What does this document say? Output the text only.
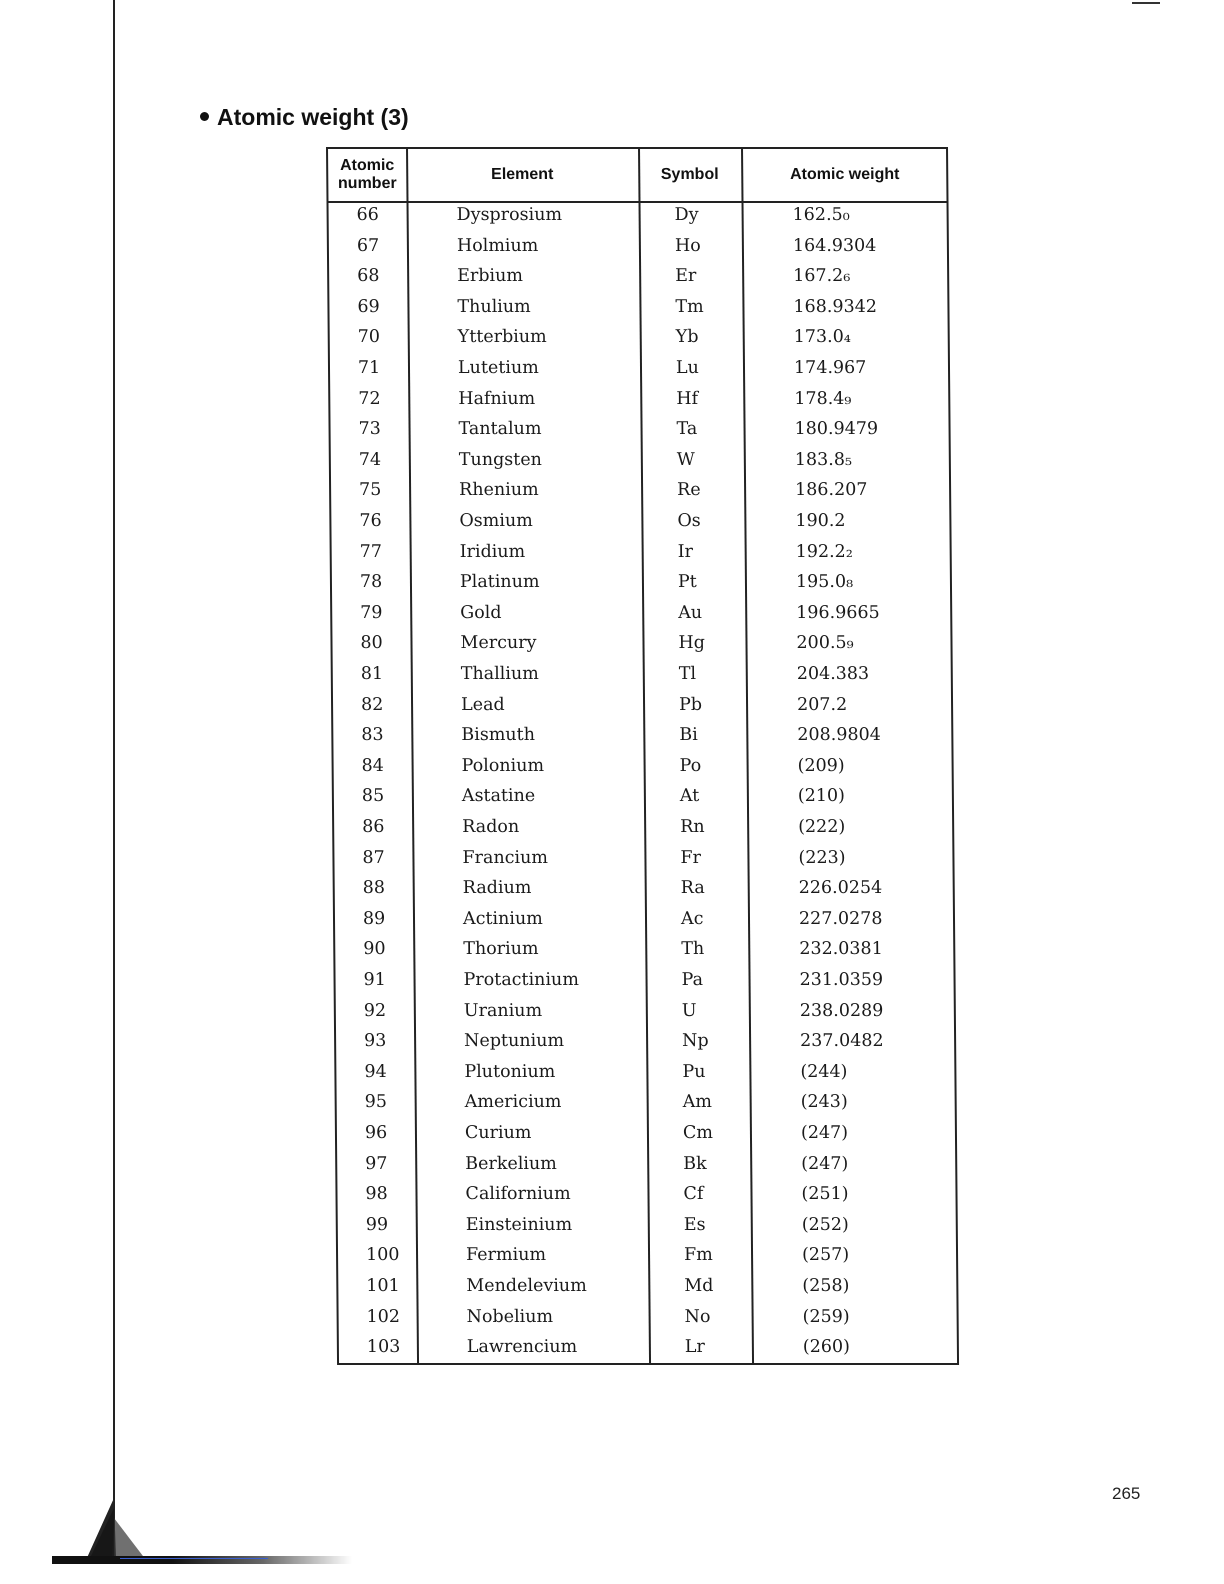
Atomic weight (3)
Atomic
number
Element	Symbol	Atomic weight
66	Dysprosium	Dy	162.5₀
67	Holmium	Ho	164.9304
68	Erbium	Er	167.2₆
69	Thulium	Tm	168.9342
70	Ytterbium	Yb	173.0₄
71	Lutetium	Lu	174.967
72	Hafnium	Hf	178.4₉
73	Tantalum	Ta	180.9479
74	Tungsten	W	183.8₅
75	Rhenium	Re	186.207
76	Osmium	Os	190.2
77	Iridium	Ir	192.2₂
78	Platinum	Pt	195.0₈
79	Gold	Au	196.9665
80	Mercury	Hg	200.5₉
81	Thallium	Tl	204.383
82	Lead	Pb	207.2
83	Bismuth	Bi	208.9804
84	Polonium	Po	(209)
85	Astatine	At	(210)
86	Radon	Rn	(222)
87	Francium	Fr	(223)
88	Radium	Ra	226.0254
89	Actinium	Ac	227.0278
90	Thorium	Th	232.0381
91	Protactinium	Pa	231.0359
92	Uranium	U	238.0289
93	Neptunium	Np	237.0482
94	Plutonium	Pu	(244)
95	Americium	Am	(243)
96	Curium	Cm	(247)
97	Berkelium	Bk	(247)
98	Californium	Cf	(251)
99	Einsteinium	Es	(252)
100	Fermium	Fm	(257)
101	Mendelevium	Md	(258)
102	Nobelium	No	(259)
103	Lawrencium	Lr	(260)
265
